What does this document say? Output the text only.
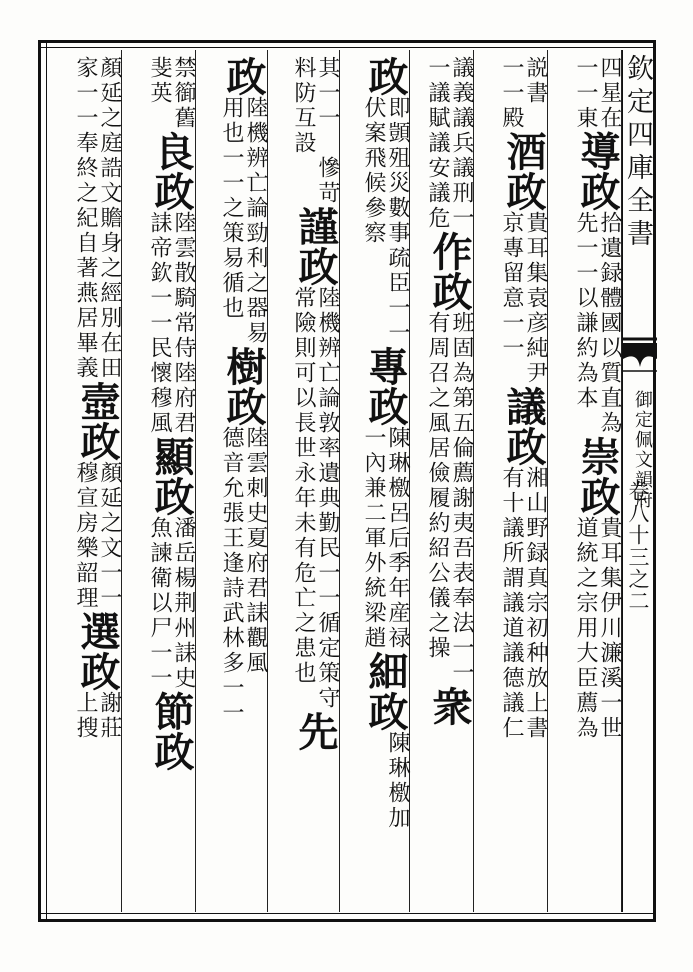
欽定四庫全書
御定佩文韻府
卷八十三之二
四星在
一一東
導政
拾遺録體國以質直為
先一一以謙約為本
崇政
貴耳集伊川濂溪一世
道統之宗用大臣薦為
説書
一一殿
酒政
貴耳集袁彦純尹
京專留意一一
議政
湘山野録真宗初种放上書
有十議所謂議道議德議仁
議義議兵議刑一
一議賦議安議危
作政
班固為第五倫薦謝夷吾表奉法一一
有周召之風居儉履約紹公儀之操
衆
政
即顗殂災數事疏臣
伏案飛候參察
一一
專政
陳琳檄呂后季年産禄
一內兼二軍外統梁趙
細政
陳琳檄加
其一一
料防互設
慘苛
謹政
陸機辨亡論敦率遺典勤民一一循定策守
常險則可以長世永年未有危亡之患也
先
政
陸機辨亡論勁利之器易
用也一一之策易循也
樹政
陸雲刺史夏府君誄觀風
德音允張王逢詩武林多一一
禁篽舊
斐英
良政
陸雲散騎常侍陸府君
誄帝欽一一民懷穆風
顯政
潘岳楊荆州誄史
魚諫衛以尸一一
節政
顏延之庭誥文贍身之經別在田
家一一奉終之紀自著燕居畢義
壼政
顏延之文一一
穆宣房樂韶理
選政
謝莊
上搜
